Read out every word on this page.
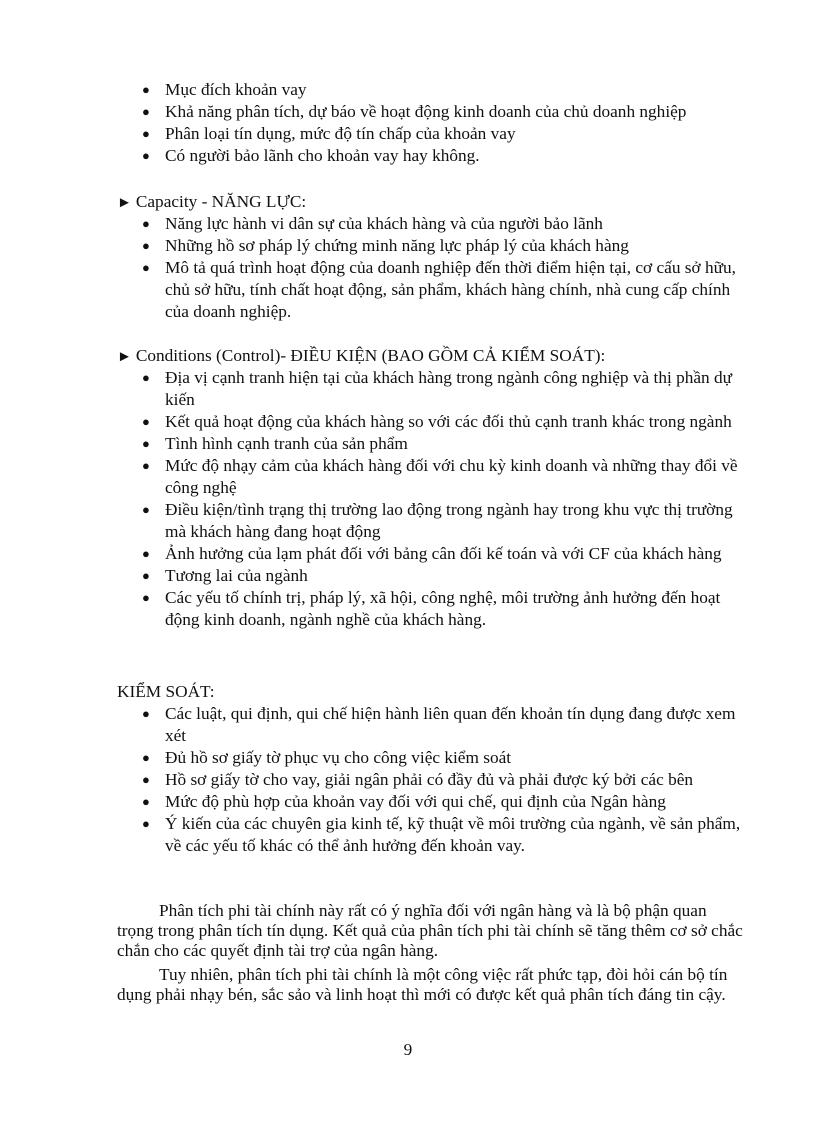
● Mục đích khoản vay
● Khả năng phân tích, dự báo về hoạt động kinh doanh của chủ doanh nghiệp
● Phân loại tín dụng, mức độ tín chấp của khoản vay
● Có người bảo lãnh cho khoản vay hay không.
► Capacity - NĂNG LỰC:
● Năng lực hành vi dân sự của khách hàng và của người bảo lãnh
● Những hồ sơ pháp lý chứng minh năng lực pháp lý của khách hàng
● Mô tả quá trình hoạt động của doanh nghiệp đến thời điểm hiện tại, cơ cấu sở hữu, chủ sở hữu, tính chất hoạt động, sản phẩm, khách hàng chính, nhà cung cấp chính của doanh nghiệp.
► Conditions (Control)- ĐIỀU KIỆN (BAO GỒM CẢ KIỂM SOÁT):
● Địa vị cạnh tranh hiện tại của khách hàng trong ngành công nghiệp và thị phần dự kiến
● Kết quả hoạt động của khách hàng so với các đối thủ cạnh tranh khác trong ngành
● Tình hình cạnh tranh của sản phẩm
● Mức độ nhạy cảm của khách hàng đối với chu kỳ kinh doanh và những thay đổi về công nghệ
● Điều kiện/tình trạng thị trường lao động trong ngành hay trong khu vực thị trường mà khách hàng đang hoạt động
● Ảnh hưởng của lạm phát đối với bảng cân đối kế toán và với CF của khách hàng
● Tương lai của ngành
● Các yếu tố chính trị, pháp lý, xã hội, công nghệ, môi trường ảnh hưởng đến hoạt động kinh doanh, ngành nghề của khách hàng.
KIỂM SOÁT:
● Các luật, qui định, qui chế hiện hành liên quan đến khoản tín dụng đang được xem xét
● Đủ hồ sơ giấy tờ phục vụ cho công việc kiểm soát
● Hồ sơ giấy tờ cho vay, giải ngân phải có đầy đủ và phải được ký bởi các bên
● Mức độ phù hợp của khoản vay đối với qui chế, qui định của Ngân hàng
● Ý kiến của các chuyên gia kinh tế, kỹ thuật về môi trường của ngành, về sản phẩm, về các yếu tố khác có thể ảnh hưởng đến khoản vay.

Phân tích phi tài chính này rất có ý nghĩa đối với ngân hàng và là bộ phận quan trọng trong phân tích tín dụng. Kết quả của phân tích phi tài chính sẽ tăng thêm cơ sở chắc chắn cho các quyết định tài trợ của ngân hàng.

Tuy nhiên, phân tích phi tài chính là một công việc rất phức tạp, đòi hỏi cán bộ tín dụng phải nhạy bén, sắc sảo và linh hoạt thì mới có được kết quả phân tích đáng tin cậy.

9
